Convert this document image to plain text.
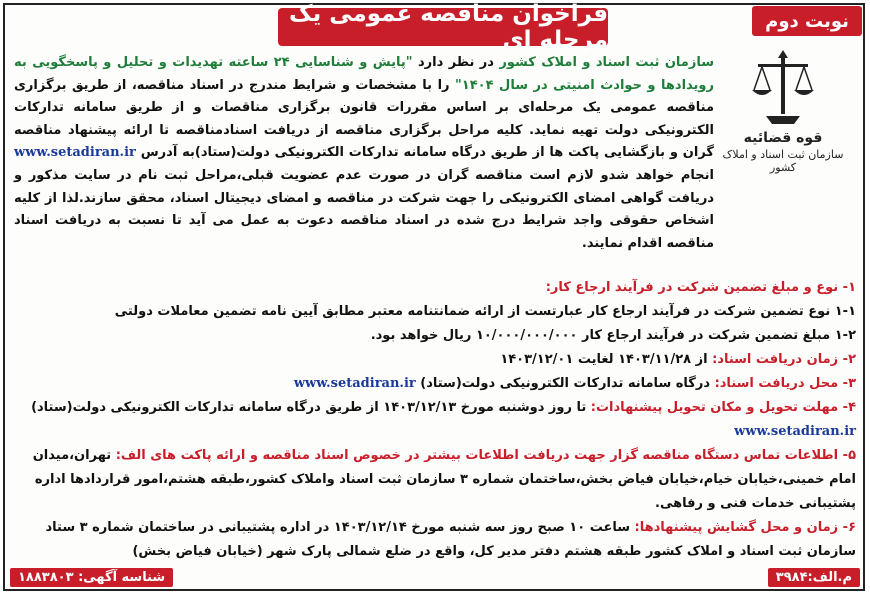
فراخوان مناقصه عمومی یک مرحله ای
نوبت دوم
قوه قضائیه
سازمان ثبت اسناد و املاک کشور
سازمان ثبت اسناد و املاک کشور در نظر دارد "پایش و شناسایی ۲۴ ساعته تهدیدات و تحلیل و پاسخگویی به رویدادها و حوادث امنیتی در سال ۱۴۰۴" را با مشخصات و شرایط مندرج در اسناد مناقصه، از طریق برگزاری مناقصه عمومی یک مرحله‌ای بر اساس مقررات قانون برگزاری مناقصات و از طریق سامانه تدارکات الکترونیکی دولت تهیه نماید. کلیه مراحل برگزاری مناقصه از دریافت اسنادمناقصه تا ارائه پیشنهاد مناقصه گران و بازگشایی پاکت ها از طریق درگاه سامانه تدارکات الکترونیکی دولت(ستاد)به آدرس www.setadiran.ir انجام خواهد شدو لازم است مناقصه گران در صورت عدم عضویت قبلی،مراحل ثبت نام در سایت مذکور و دریافت گواهی امضای الکترونیکی را جهت شرکت در مناقصه و امضای دیجیتال اسناد، محقق سازند.لذا از کلیه اشخاص حقوقی واجد شرایط درج شده در اسناد مناقصه دعوت به عمل می آید تا نسبت به دریافت اسناد مناقصه اقدام نمایند.
۱- نوع و مبلغ تضمین شرکت در فرآیند ارجاع کار:
۱-۱ نوع تضمین شرکت در فرآیند ارجاع کار عبارتست از ارائه ضمانتنامه معتبر مطابق آیین نامه تضمین معاملات دولتی
۱-۲ مبلغ تضمین شرکت در فرآیند ارجاع کار ۱۰/۰۰۰/۰۰۰/۰۰۰ ریال خواهد بود.
۲- زمان دریافت اسناد: از ۱۴۰۳/۱۱/۲۸ لغایت ۱۴۰۳/۱۲/۰۱
۳- محل دریافت اسناد: درگاه سامانه تدارکات الکترونیکی دولت(ستاد) www.setadiran.ir
۴- مهلت تحویل و مکان تحویل پیشنهادات: تا روز دوشنبه مورخ ۱۴۰۳/۱۲/۱۳ از طریق درگاه سامانه تدارکات الکترونیکی دولت(ستاد) www.setadiran.ir
۵- اطلاعات تماس دستگاه مناقصه گزار جهت دریافت اطلاعات بیشتر در خصوص اسناد مناقصه و ارائه پاکت های الف: تهران،میدان امام خمینی،خیابان خیام،خیابان فیاض بخش،ساختمان شماره ۳ سازمان ثبت اسناد واملاک کشور،طبقه هشتم،امور قراردادها اداره پشتیبانی خدمات فنی و رفاهی.
۶- زمان و محل گشایش پیشنهادها: ساعت ۱۰ صبح روز سه شنبه مورخ ۱۴۰۳/۱۲/۱۴ در اداره پشتیبانی در ساختمان شماره ۳ ستاد سازمان ثبت اسناد و املاک کشور طبقه هشتم دفتر مدیر کل، واقع در ضلع شمالی پارک شهر (خیابان فیاض بخش)
شناسه آگهی: ۱۸۸۳۸۰۳	م.الف:۳۹۸۴
